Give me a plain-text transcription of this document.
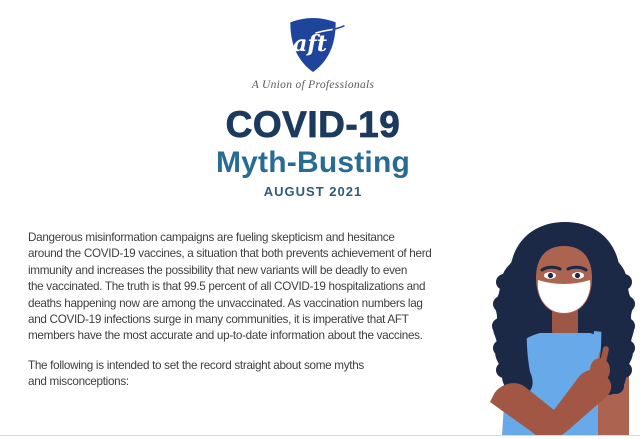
aft
A Union of Professionals
COVID-19
Myth-Busting
AUGUST 2021
Dangerous misinformation campaigns are fueling skepticism and hesitance
around the COVID-19 vaccines, a situation that both prevents achievement of herd
immunity and increases the possibility that new variants will be deadly to even
the vaccinated. The truth is that 99.5 percent of all COVID-19 hospitalizations and
deaths happening now are among the unvaccinated. As vaccination numbers lag
and COVID-19 infections surge in many communities, it is imperative that AFT
members have the most accurate and up-to-date information about the vaccines.
The following is intended to set the record straight about some myths
and misconceptions:
